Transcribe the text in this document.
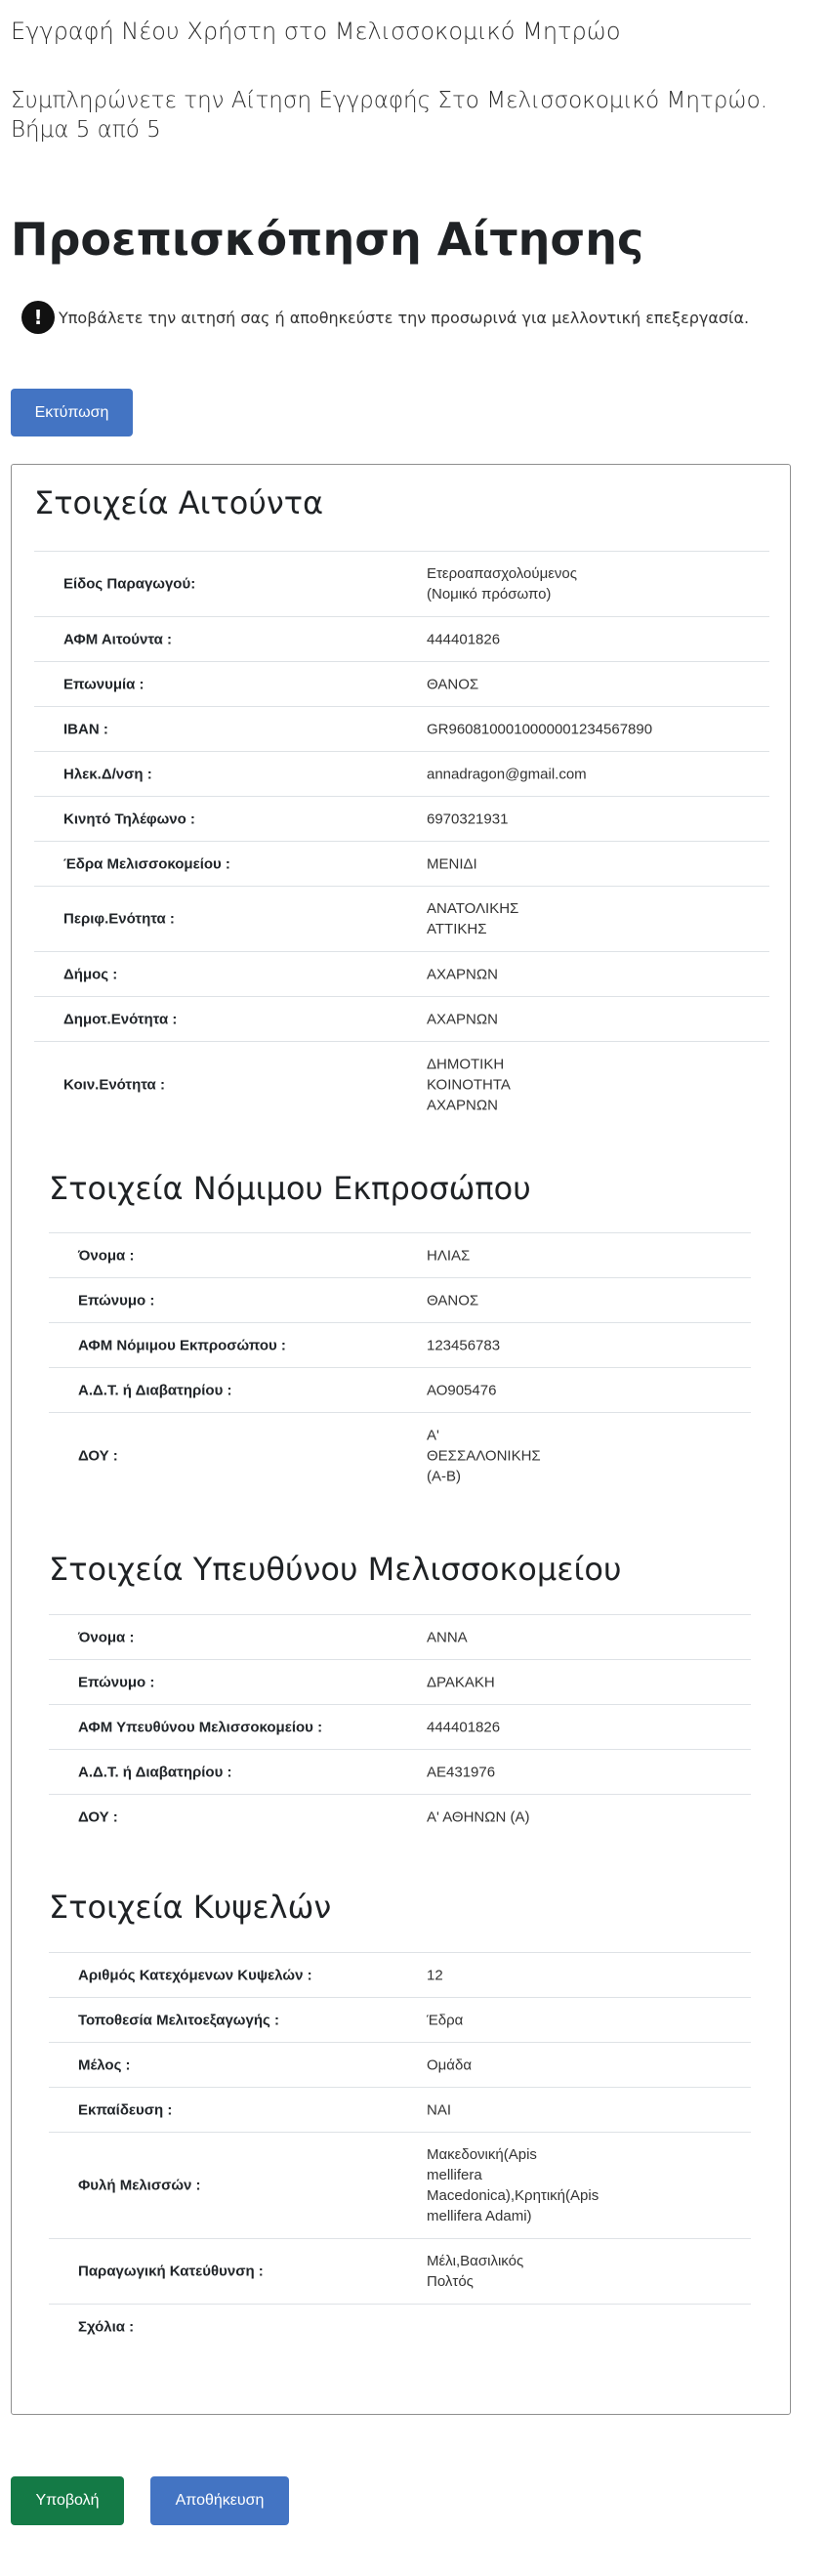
Εγγραφή Νέου Χρήστη στο Μελισσοκομικό Μητρώο
Συμπληρώνετε την Αίτηση Εγγραφής Στο Μελισσοκομικό Μητρώο.
Βήμα 5 από 5
Προεπισκόπηση Αίτησης
!	Υποβάλετε την αιτησή σας ή αποθηκεύστε την προσωρινά για μελλοντική επεξεργασία.
Εκτύπωση
Στοιχεία Αιτούντα
Είδος Παραγωγού:
Ετεροαπασχολούμενος
(Νομικό πρόσωπο)
ΑΦΜ Αιτούντα :	444401826
Επωνυμία :	ΘΑΝΟΣ
IBAN :	GR9608100010000001234567890
Ηλεκ.Δ/νση :	annadragon@gmail.com
Κινητό Τηλέφωνο :	6970321931
Έδρα Μελισσοκομείου :	ΜΕΝΙΔΙ
Περιφ.Ενότητα :
ΑΝΑΤΟΛΙΚΗΣ
ΑΤΤΙΚΗΣ
Δήμος :	ΑΧΑΡΝΩΝ
Δημοτ.Ενότητα :	ΑΧΑΡΝΩΝ
Κοιν.Ενότητα :
ΔΗΜΟΤΙΚΗ
ΚΟΙΝΟΤΗΤΑ
ΑΧΑΡΝΩΝ
Στοιχεία Νόμιμου Εκπροσώπου
Όνομα :	ΗΛΙΑΣ
Επώνυμο :	ΘΑΝΟΣ
ΑΦΜ Νόμιμου Εκπροσώπου :	123456783
Α.Δ.Τ. ή Διαβατηρίου :	ΑΟ905476
ΔΟΥ :
Α'
ΘΕΣΣΑΛΟΝΙΚΗΣ
(Α-Β)
Στοιχεία Υπευθύνου Μελισσοκομείου
Όνομα :	ΑΝΝΑ
Επώνυμο :	ΔΡΑΚΑΚΗ
ΑΦΜ Υπευθύνου Μελισσοκομείου :	444401826
Α.Δ.Τ. ή Διαβατηρίου :	ΑΕ431976
ΔΟΥ :	Α' ΑΘΗΝΩΝ (Α)
Στοιχεία Κυψελών
Αριθμός Κατεχόμενων Κυψελών :	12
Τοποθεσία Μελιτοεξαγωγής :	Έδρα
Μέλος :	Ομάδα
Εκπαίδευση :	ΝΑΙ
Φυλή Μελισσών :
Μακεδονική(Apis
mellifera
Macedonica),Κρητική(Apis
mellifera Adami)
Παραγωγική Κατεύθυνση :
Μέλι,Βασιλικός
Πολτός
Σχόλια :
Υποβολή	Αποθήκευση
